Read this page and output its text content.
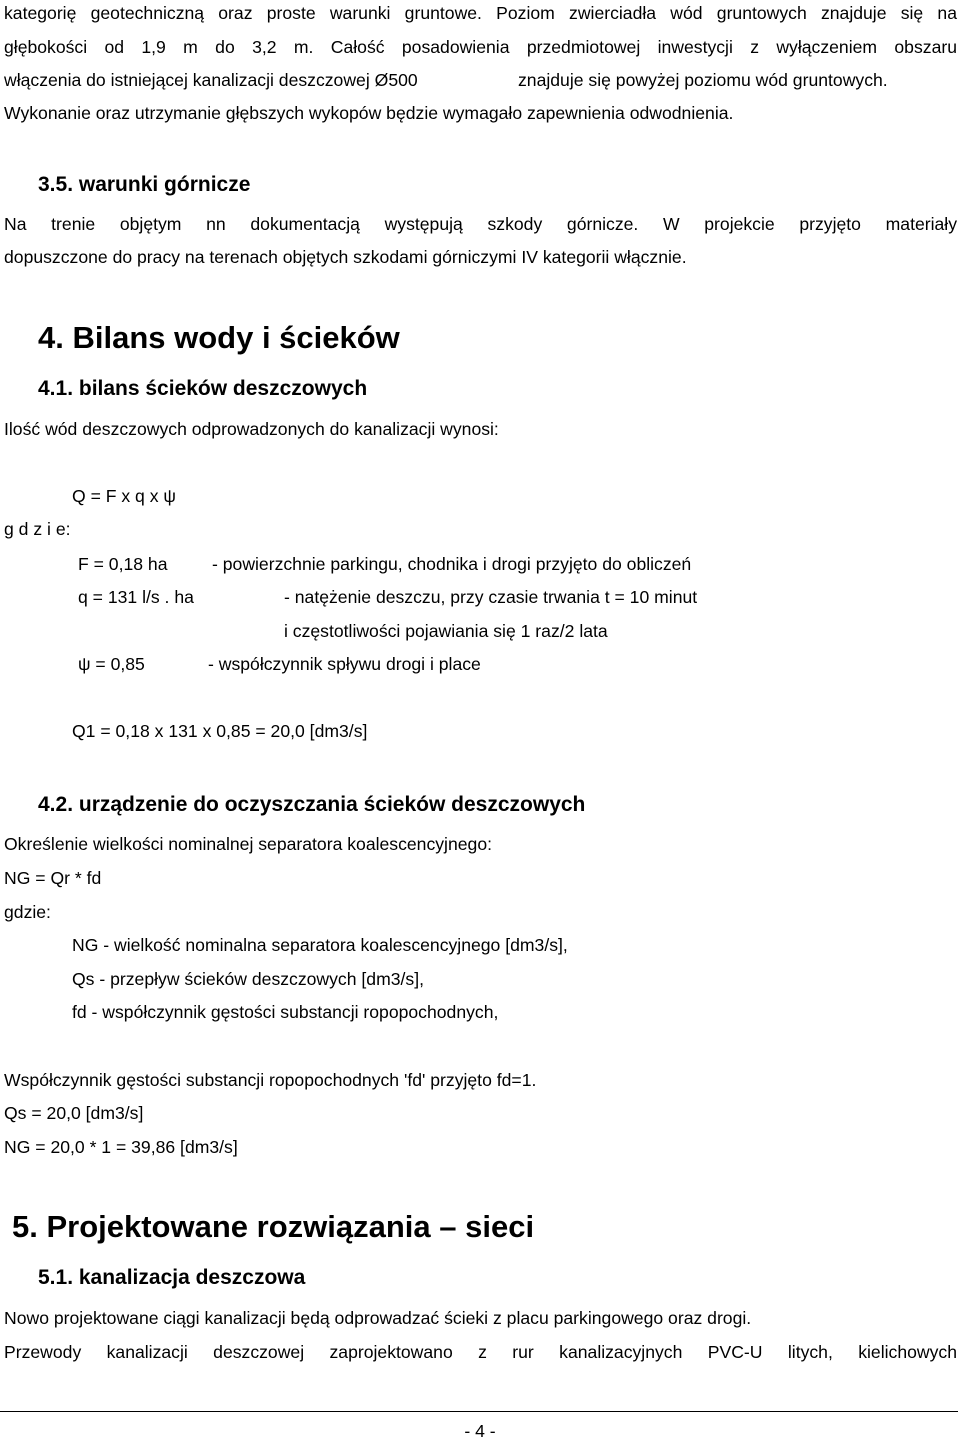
kategorię geotechniczną oraz proste warunki gruntowe. Poziom zwierciadła wód gruntowych znajduje się na
głębokości od 1,9 m do 3,2 m. Całość posadowienia przedmiotowej inwestycji z wyłączeniem obszaru
włączenia do istniejącej kanalizacji deszczowej Ø500	znajduje się powyżej poziomu wód gruntowych.
Wykonanie oraz utrzymanie głębszych wykopów będzie wymagało zapewnienia odwodnienia.
3.5. warunki górnicze
Na trenie objętym nn dokumentacją występują szkody górnicze. W projekcie przyjęto materiały
dopuszczone do pracy na terenach objętych szkodami górniczymi IV kategorii włącznie.
4. Bilans wody i ścieków
4.1. bilans ścieków deszczowych
Ilość wód deszczowych odprowadzonych do kanalizacji wynosi:
Q = F x q x ψ
g d z i e:
F = 0,18 ha	- powierzchnie parkingu, chodnika i drogi przyjęto do obliczeń
q = 131 l/s . ha	- natężenie deszczu, przy czasie trwania t = 10 minut
i częstotliwości pojawiania się 1 raz/2 lata
ψ = 0,85	- współczynnik spływu drogi i place
Q1 = 0,18 x 131 x 0,85 = 20,0 [dm3/s]
4.2. urządzenie do oczyszczania ścieków deszczowych
Określenie wielkości nominalnej separatora koalescencyjnego:
NG = Qr * fd
gdzie:
NG - wielkość nominalna separatora koalescencyjnego [dm3/s],
Qs - przepływ ścieków deszczowych [dm3/s],
fd - współczynnik gęstości substancji ropopochodnych,
Współczynnik gęstości substancji ropopochodnych 'fd' przyjęto fd=1.
Qs = 20,0 [dm3/s]
NG = 20,0 * 1 = 39,86 [dm3/s]
5. Projektowane rozwiązania – sieci
5.1. kanalizacja deszczowa
Nowo projektowane ciągi kanalizacji będą odprowadzać ścieki z placu parkingowego oraz drogi.
Przewody kanalizacji deszczowej zaprojektowano z rur kanalizacyjnych PVC-U litych, kielichowych
- 4 -
